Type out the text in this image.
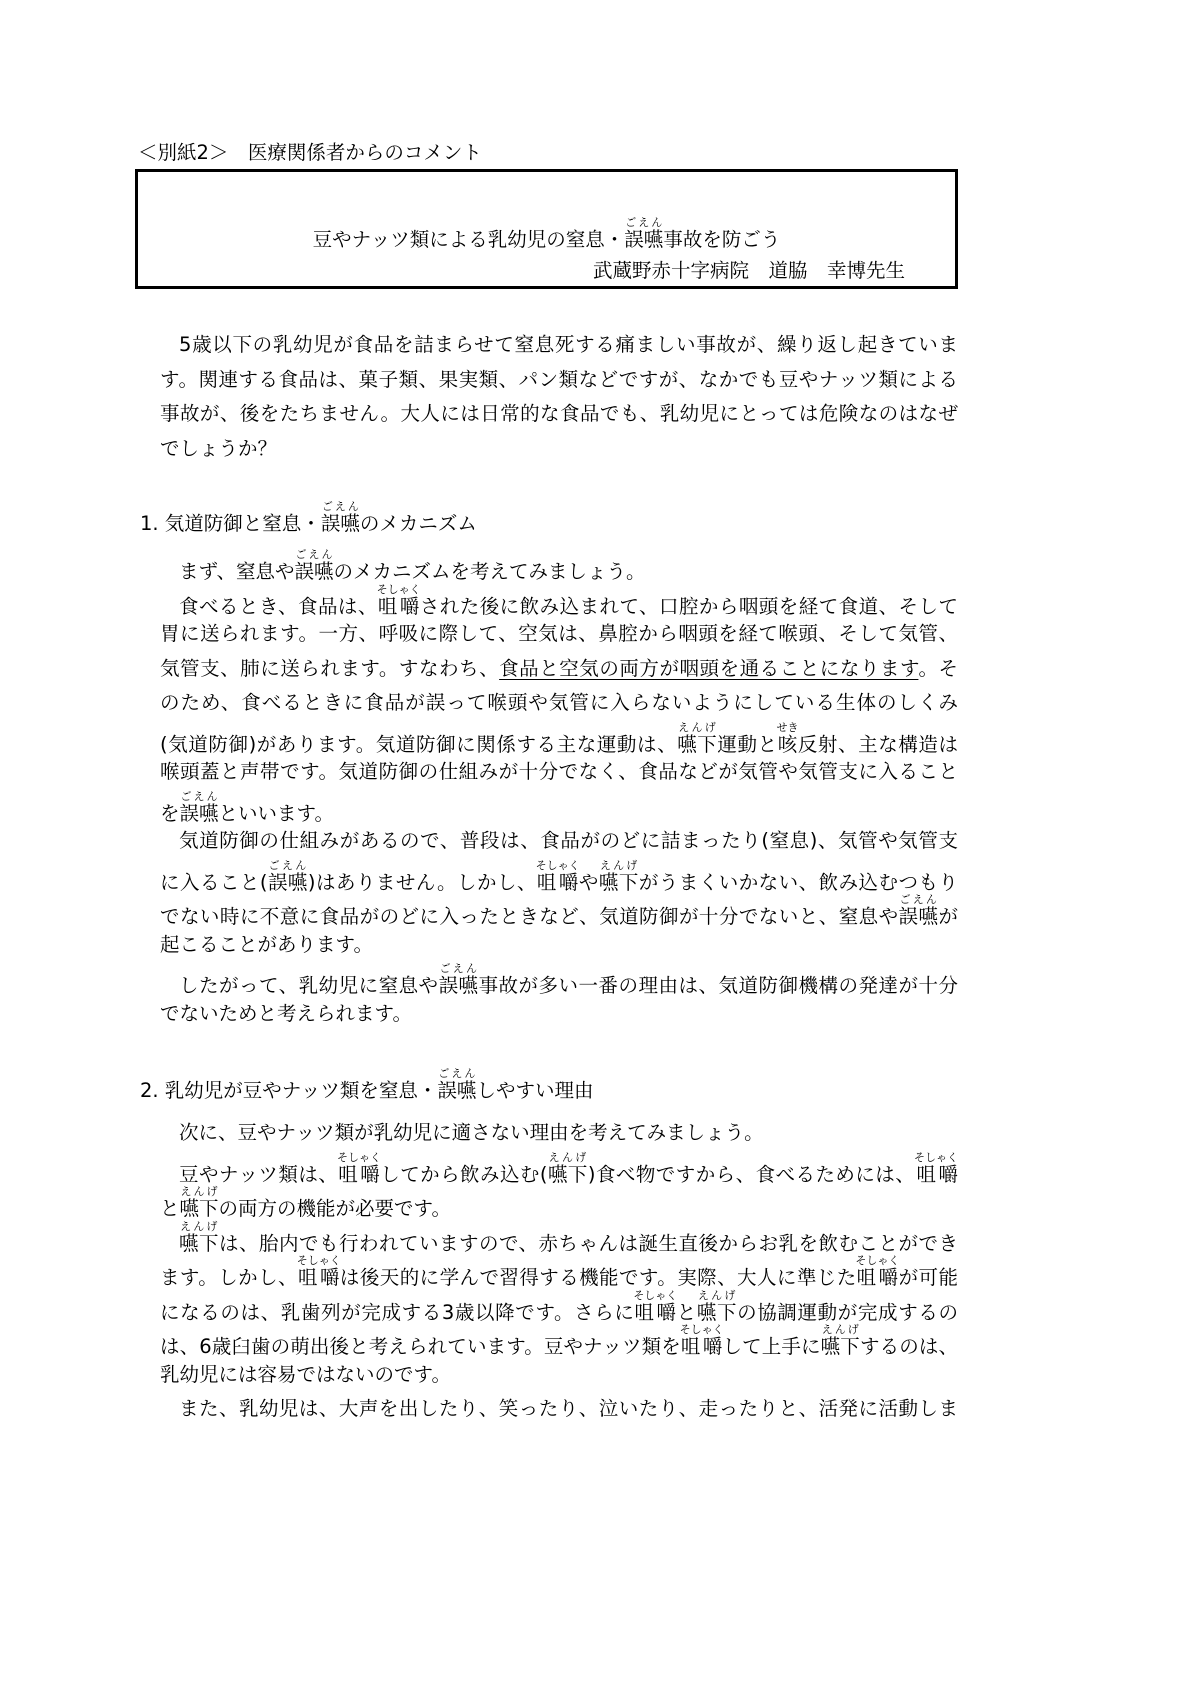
＜別紙2＞　医療関係者からのコメント
豆やナッツ類による乳幼児の窒息・誤嚥ごえん事故を防ごう
武蔵野赤十字病院　道脇　幸博先生
5歳以下の乳幼児が食品を詰まらせて窒息死する痛ましい事故が、繰り返し起きていま
す。関連する食品は、菓子類、果実類、パン類などですが、なかでも豆やナッツ類による
事故が、後をたちません。大人には日常的な食品でも、乳幼児にとっては危険なのはなぜ
でしょうか？
1. 気道防御と窒息・誤嚥ごえんのメカニズム
まず、窒息や誤嚥ごえんのメカニズムを考えてみましょう。
食べるとき、食品は、咀嚼そしゃくされた後に飲み込まれて、口腔から咽頭を経て食道、そして
胃に送られます。一方、呼吸に際して、空気は、鼻腔から咽頭を経て喉頭、そして気管、
気管支、肺に送られます。すなわち、食品と空気の両方が咽頭を通ることになります。そ
のため、食べるときに食品が誤って喉頭や気管に入らないようにしている生体のしくみ
(気道防御)があります。気道防御に関係する主な運動は、嚥下えんげ運動と咳せき反射、主な構造は
喉頭蓋と声帯です。気道防御の仕組みが十分でなく、食品などが気管や気管支に入ること
を誤嚥ごえんといいます。
気道防御の仕組みがあるので、普段は、食品がのどに詰まったり(窒息)、気管や気管支
に入ること(誤嚥ごえん)はありません。しかし、咀嚼そしゃくや嚥下えんげがうまくいかない、飲み込むつもり
でない時に不意に食品がのどに入ったときなど、気道防御が十分でないと、窒息や誤嚥ごえんが
起こることがあります。
したがって、乳幼児に窒息や誤嚥ごえん事故が多い一番の理由は、気道防御機構の発達が十分
でないためと考えられます。
2. 乳幼児が豆やナッツ類を窒息・誤嚥ごえんしやすい理由
次に、豆やナッツ類が乳幼児に適さない理由を考えてみましょう。
豆やナッツ類は、咀嚼そしゃくしてから飲み込む(嚥下えんげ)食べ物ですから、食べるためには、咀嚼そしゃく
と嚥下えんげの両方の機能が必要です。
嚥下えんげは、胎内でも行われていますので、赤ちゃんは誕生直後からお乳を飲むことができ
ます。しかし、咀嚼そしゃくは後天的に学んで習得する機能です。実際、大人に準じた咀嚼そしゃくが可能
になるのは、乳歯列が完成する3歳以降です。さらに咀嚼そしゃくと嚥下えんげの協調運動が完成するの
は、6歳臼歯の萌出後と考えられています。豆やナッツ類を咀嚼そしゃくして上手に嚥下えんげするのは、
乳幼児には容易ではないのです。
また、乳幼児は、大声を出したり、笑ったり、泣いたり、走ったりと、活発に活動しま
